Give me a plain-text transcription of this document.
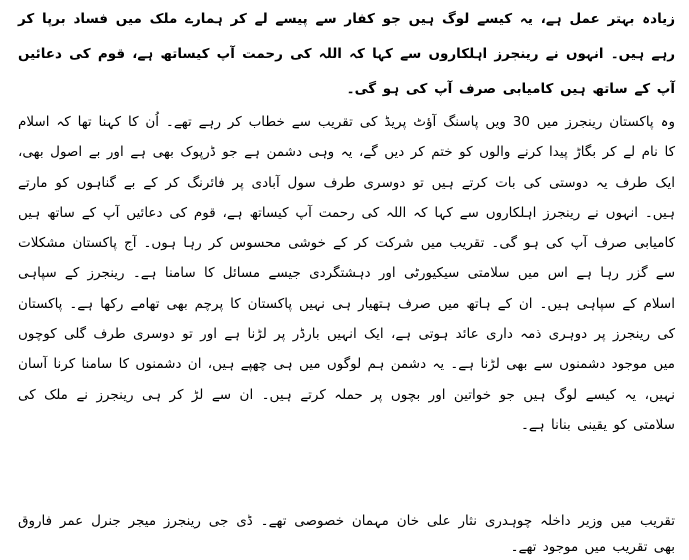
زیادہ بہتر عمل ہے، یہ کیسے لوگ ہیں جو کفار سے پیسے لے کر ہمارے ملک میں فساد برپا کر رہے ہیں۔ انہوں نے رینجرز اہلکاروں سے کہا کہ اللہ کی رحمت آپ کیساتھ ہے، قوم کی دعائیں آپ کے ساتھ ہیں کامیابی صرف آپ کی ہو گی۔

وہ پاکستان رینجرز میں 30 ویں پاسنگ آؤٹ پریڈ کی تقریب سے خطاب کر رہے تھے۔ اُن کا کہنا تھا کہ اسلام کا نام لے کر بگاڑ پیدا کرنے والوں کو ختم کر دیں گے، یہ وہی دشمن ہے جو ڈرپوک بھی ہے اور بے اصول بھی، ایک طرف یہ دوستی کی بات کرتے ہیں تو دوسری طرف سول آبادی پر فائرنگ کر کے بے گناہوں کو مارتے ہیں۔ انہوں نے رینجرز اہلکاروں سے کہا کہ اللہ کی رحمت آپ کیساتھ ہے، قوم کی دعائیں آپ کے ساتھ ہیں کامیابی صرف آپ کی ہو گی۔ تقریب میں شرکت کر کے خوشی محسوس کر رہا ہوں۔ آج پاکستان مشکلات سے گزر رہا ہے اس میں سلامتی سیکیورٹی اور دہشتگردی جیسے مسائل کا سامنا ہے۔ رینجرز کے سپاہی اسلام کے سپاہی ہیں۔ ان کے ہاتھ میں صرف ہتھیار ہی نہیں پاکستان کا پرچم بھی تھامے رکھا ہے۔ پاکستان کی رینجرز پر دوہری ذمہ داری عائد ہوتی ہے، ایک انہیں بارڈر پر لڑنا ہے اور تو دوسری طرف گلی کوچوں میں موجود دشمنوں سے بھی لڑنا ہے۔ یہ دشمن ہم لوگوں میں ہی چھپے ہیں، ان دشمنوں کا سامنا کرنا آسان نہیں، یہ کیسے لوگ ہیں جو خواتین اور بچوں پر حملہ کرتے ہیں۔ ان سے لڑ کر ہی رینجرز نے ملک کی سلامتی کو یقینی بنانا ہے۔

تقریب میں وزیر داخلہ چوہدری نثار علی خان مہمان خصوصی تھے۔ ڈی جی رینجرز میجر جنرل عمر فاروق بھی تقریب میں موجود تھے۔
